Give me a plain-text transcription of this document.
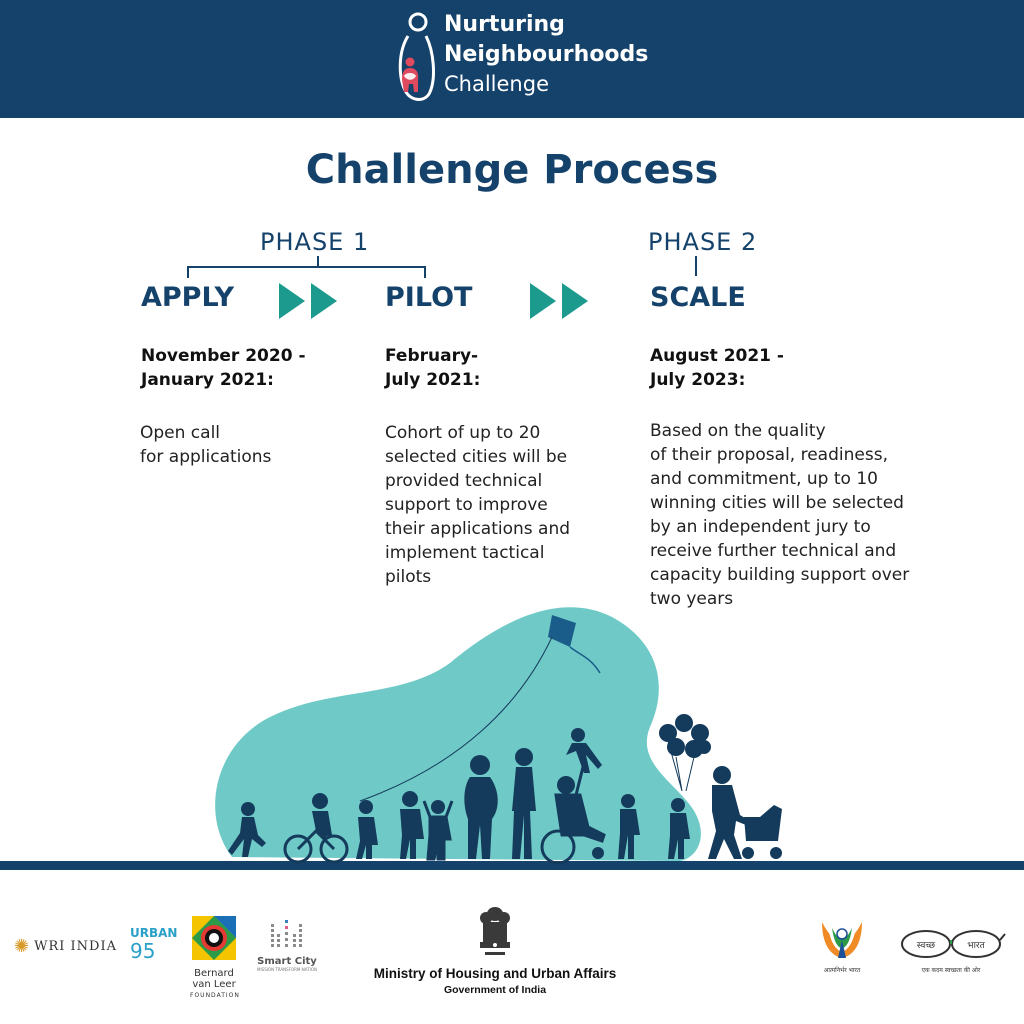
Nurturing
Neighbourhoods
Challenge
Challenge Process
PHASE 1	PHASE 2
APPLY	PILOT	SCALE
November 2020 -
January 2021:
February-
July 2021:
August 2021 -
July 2023:
Open call
for applications
Cohort of up to 20
selected cities will be
provided technical
support to improve
their applications and
implement tactical
pilots
Based on the quality
of their proposal, readiness,
and commitment, up to 10
winning cities will be selected
by an independent jury to
receive further technical and
capacity building support over
two years
✺ WRI INDIA
URBAN
95
Bernard
van Leer
FOUNDATION
Smart City
MISSION TRANSFORM-NATION	Ministry of Housing and Urban Affairs
Government of India
आत्मनिर्भर भारत
स्वच्छ	भारत
एक कदम स्वच्छता की ओर
